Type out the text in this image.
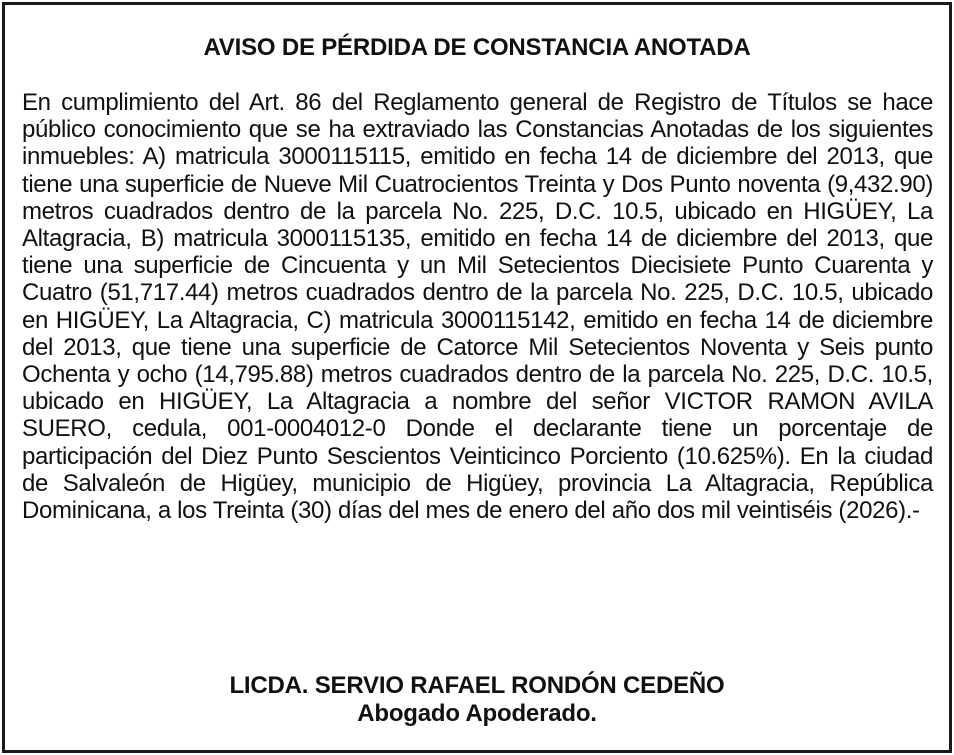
AVISO DE PÉRDIDA DE CONSTANCIA ANOTADA

En cumplimiento del Art. 86 del Reglamento general de Registro de Títulos se hace público conocimiento que se ha extraviado las Constancias Anotadas de los siguientes inmuebles: A) matricula 3000115115, emitido en fecha 14 de diciembre del 2013, que tiene una superficie de Nueve Mil Cuatrocientos Treinta y Dos Punto noventa (9,432.90) metros cuadrados dentro de la parcela No. 225, D.C. 10.5, ubicado en HIGÜEY, La Altagracia, B) matricula 3000115135, emitido en fecha 14 de diciembre del 2013, que tiene una superficie de Cincuenta y un Mil Setecientos Diecisiete Punto Cuarenta y Cuatro (51,717.44) metros cuadrados dentro de la parcela No. 225, D.C. 10.5, ubicado en HIGÜEY, La Altagracia, C) matricula 3000115142, emitido en fecha 14 de diciembre del 2013, que tiene una superficie de Catorce Mil Setecientos Noventa y Seis punto Ochenta y ocho (14,795.88) metros cuadrados dentro de la parcela No. 225, D.C. 10.5, ubicado en HIGÜEY, La Altagracia a nombre del señor VICTOR RAMON AVILA SUERO, cedula, 001-0004012-0 Donde el declarante tiene un porcentaje de participación del Diez Punto Sescientos Veinticinco Porciento (10.625%). En la ciudad de Salvaleón de Higüey, municipio de Higüey, provincia La Altagracia, República Dominicana, a los Treinta (30) días del mes de enero del año dos mil veintiséis (2026).-

LICDA. SERVIO RAFAEL RONDÓN CEDEÑO
Abogado Apoderado.
